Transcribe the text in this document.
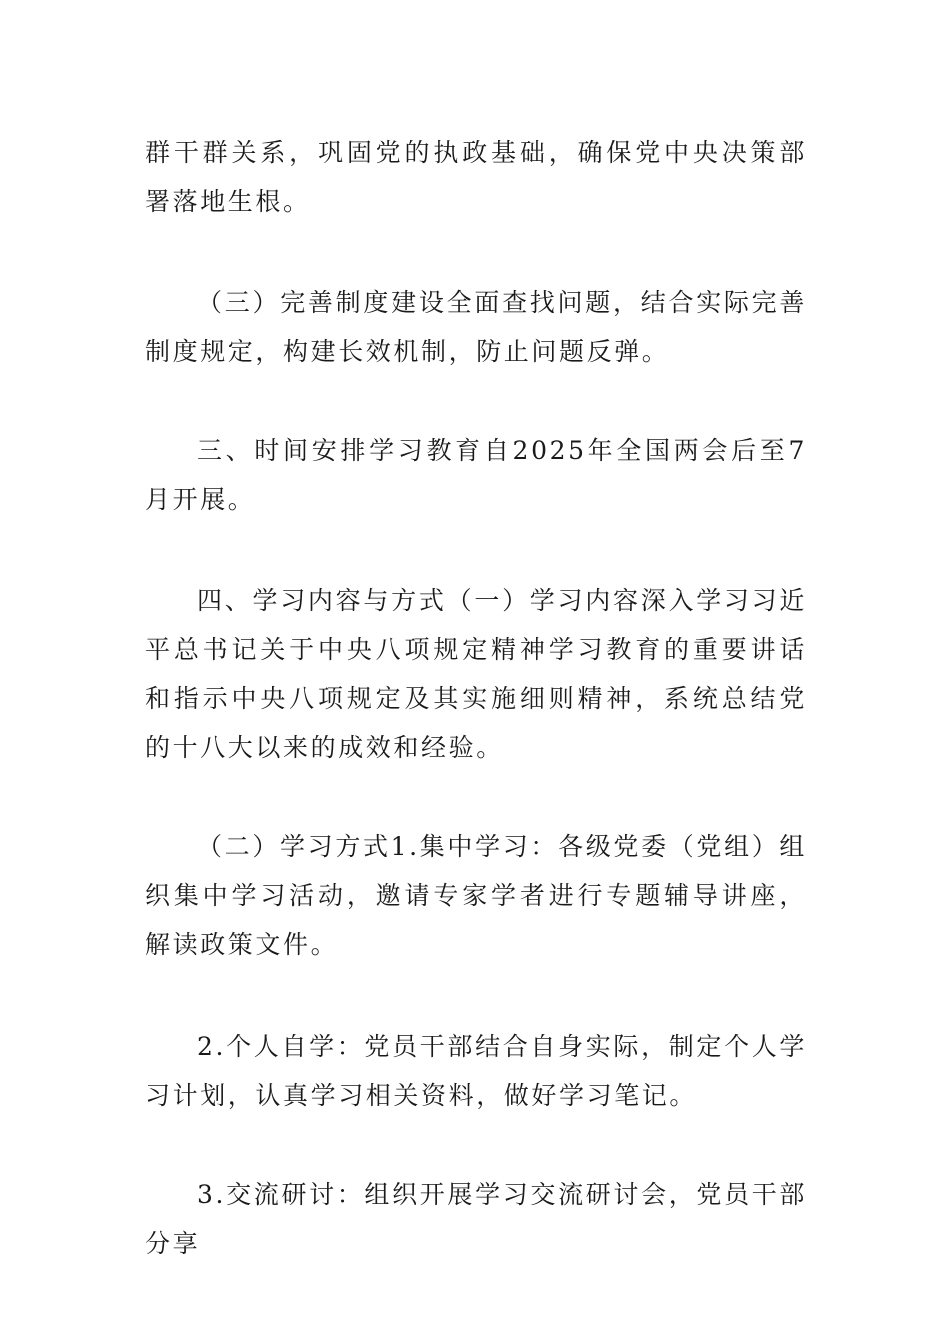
群干群关系，巩固党的执政基础，确保党中央决策部署落地生根。

（三）完善制度建设全面查找问题，结合实际完善制度规定，构建长效机制，防止问题反弹。

三、时间安排学习教育自2025年全国两会后至7月开展。

四、学习内容与方式（一）学习内容深入学习习近平总书记关于中央八项规定精神学习教育的重要讲话和指示中央八项规定及其实施细则精神，系统总结党的十八大以来的成效和经验。

（二）学习方式1.集中学习：各级党委（党组）组织集中学习活动，邀请专家学者进行专题辅导讲座，解读政策文件。

2.个人自学：党员干部结合自身实际，制定个人学习计划，认真学习相关资料，做好学习笔记。

3.交流研讨：组织开展学习交流研讨会，党员干部分享
